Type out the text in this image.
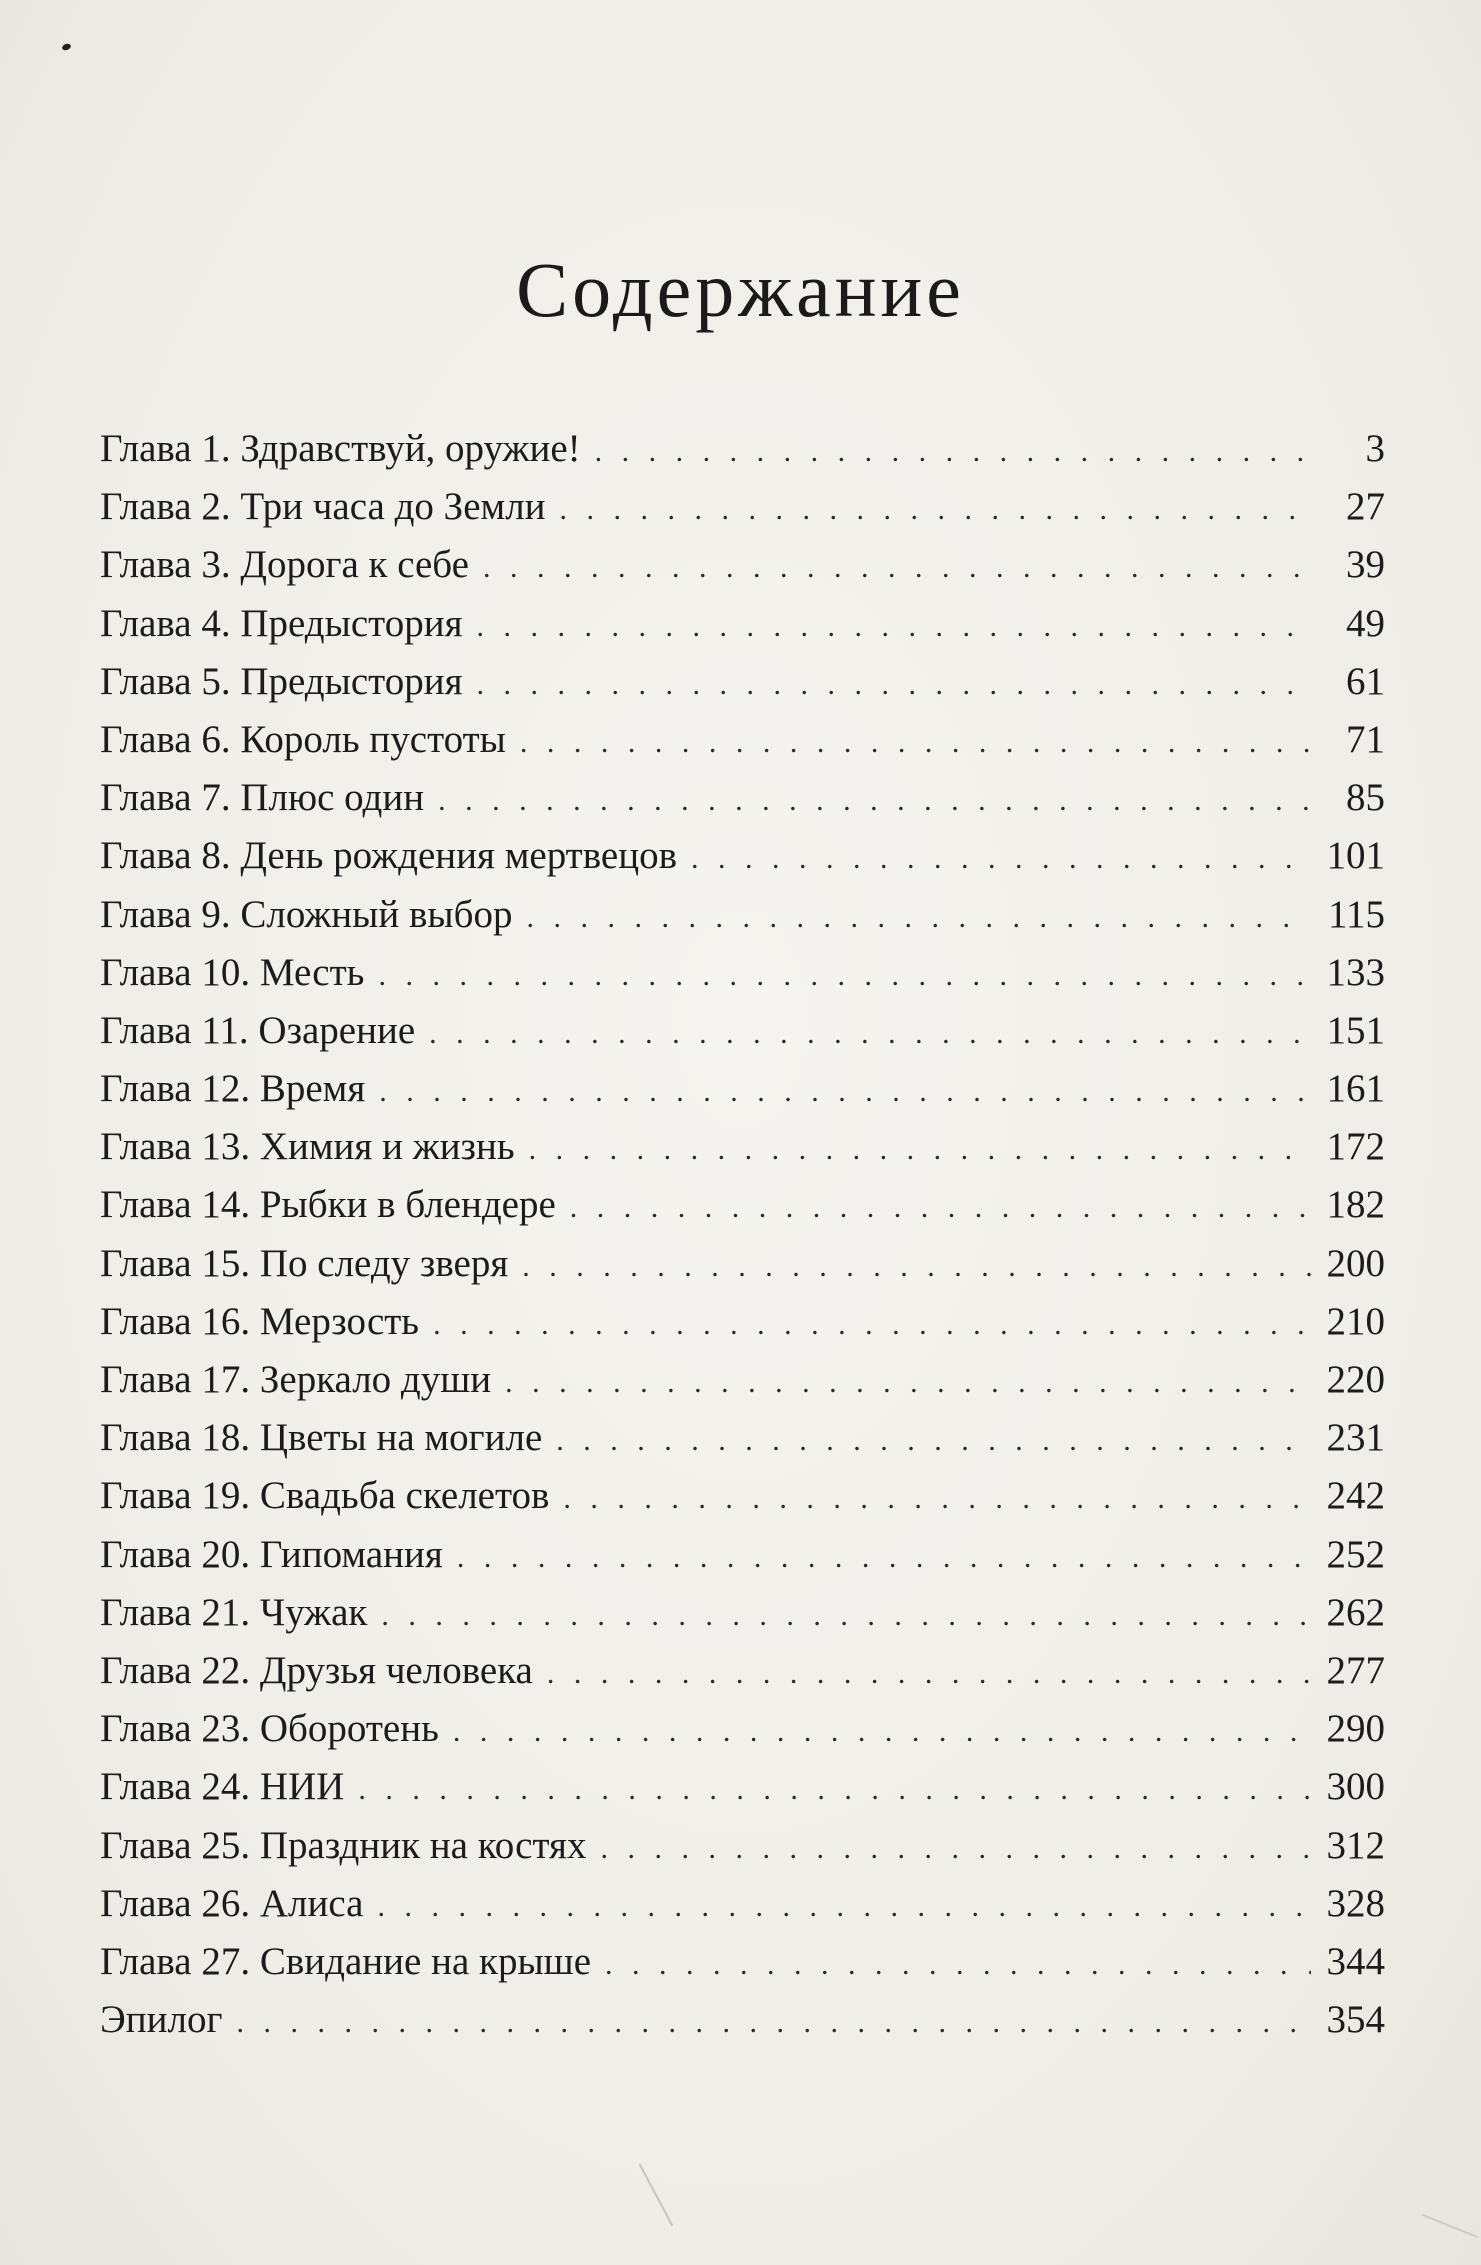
Содержание
Глава 1. Здравствуй, оружие! . . .	3
Глава 2. Три часа до Земли . . .	27
Глава 3. Дорога к себе . . .	39
Глава 4. Предыстория . . .	49
Глава 5. Предыстория . . .	61
Глава 6. Король пустоты . . .	71
Глава 7. Плюс один . . .	85
Глава 8. День рождения мертвецов . . .	101
Глава 9. Сложный выбор . . .	115
Глава 10. Месть . . .	133
Глава 11. Озарение . . .	151
Глава 12. Время . . .	161
Глава 13. Химия и жизнь . . .	172
Глава 14. Рыбки в блендере . . .	182
Глава 15. По следу зверя . . .	200
Глава 16. Мерзость . . .	210
Глава 17. Зеркало души . . .	220
Глава 18. Цветы на могиле . . .	231
Глава 19. Свадьба скелетов . . .	242
Глава 20. Гипомания . . .	252
Глава 21. Чужак . . .	262
Глава 22. Друзья человека . . .	277
Глава 23. Оборотень . . .	290
Глава 24. НИИ . . .	300
Глава 25. Праздник на костях . . .	312
Глава 26. Алиса . . .	328
Глава 27. Свидание на крыше . . .	344
Эпилог . . .	354
